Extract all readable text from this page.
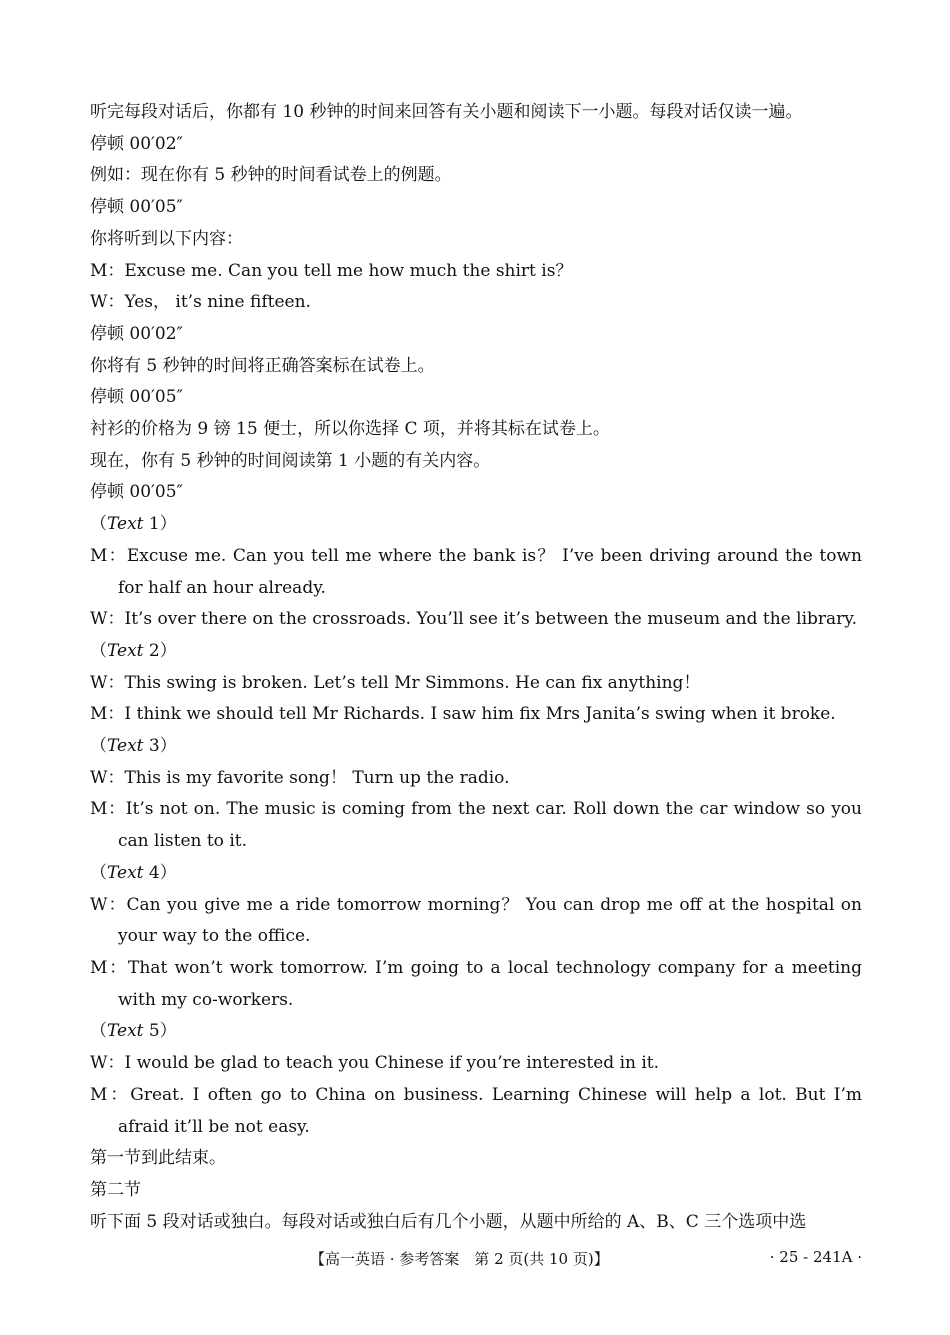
听完每段对话后，你都有 10 秒钟的时间来回答有关小题和阅读下一小题。每段对话仅读一遍。
停顿 00′02″
例如：现在你有 5 秒钟的时间看试卷上的例题。
停顿 00′05″
你将听到以下内容：
M：Excuse me. Can you tell me how much the shirt is？
W：Yes， it’s nine fifteen.
停顿 00′02″
你将有 5 秒钟的时间将正确答案标在试卷上。
停顿 00′05″
衬衫的价格为 9 镑 15 便士，所以你选择 C 项，并将其标在试卷上。
现在，你有 5 秒钟的时间阅读第 1 小题的有关内容。
停顿 00′05″
（Text 1）
M：Excuse me. Can you tell me where the bank is？ I’ve been driving around the town for half an hour already.
W：It’s over there on the crossroads. You’ll see it’s between the museum and the library.
（Text 2）
W：This swing is broken. Let’s tell Mr Simmons. He can fix anything！
M：I think we should tell Mr Richards. I saw him fix Mrs Janita’s swing when it broke.
（Text 3）
W：This is my favorite song！ Turn up the radio.
M：It’s not on. The music is coming from the next car. Roll down the car window so you can listen to it.
（Text 4）
W：Can you give me a ride tomorrow morning？ You can drop me off at the hospital on your way to the office.
M：That won’t work tomorrow. I’m going to a local technology company for a meeting with my co-workers.
（Text 5）
W：I would be glad to teach you Chinese if you’re interested in it.
M：Great. I often go to China on business. Learning Chinese will help a lot. But I’m afraid it’ll be not easy.
第一节到此结束。
第二节
听下面 5 段对话或独白。每段对话或独白后有几个小题，从题中所给的 A、B、C 三个选项中选
【高一英语 · 参考答案　第 2 页(共 10 页)】	· 25 - 241A ·
